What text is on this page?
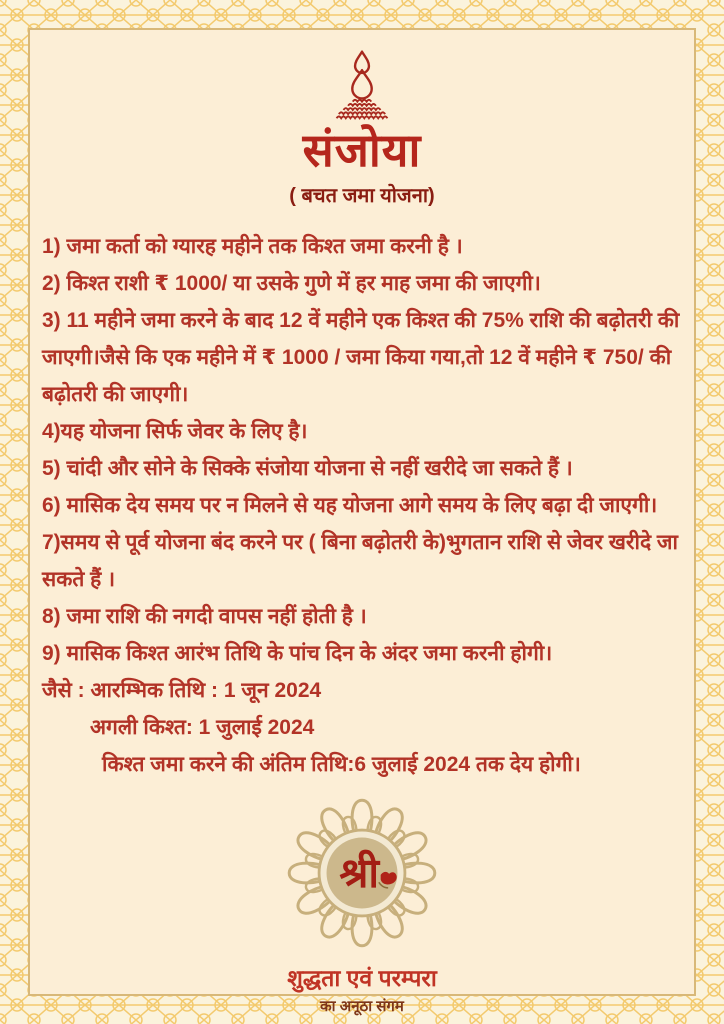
संजोया
( बचत जमा योजना)

1) जमा कर्ता को ग्यारह महीने तक किश्त जमा करनी है ।

2) किश्त राशी ₹ 1000/ या उसके गुणे में हर माह जमा की जाएगी।

3) 11 महीने जमा करने के बाद 12 वें महीने एक किश्त की 75% राशि की बढ़ोतरी की जाएगी।जैसे कि एक महीने में ₹ 1000 / जमा किया गया,तो 12 वें महीने ₹ 750/ की बढ़ोतरी की जाएगी।

4)यह योजना सिर्फ जेवर के लिए है।

5) चांदी और सोने के सिक्के संजोया योजना से नहीं खरीदे जा सकते हैं ।

6) मासिक देय समय पर न मिलने से यह योजना आगे समय के लिए बढ़ा दी जाएगी।

7)समय से पूर्व योजना बंद करने पर ( बिना बढ़ोतरी के)भुगतान राशि से जेवर खरीदे जा सकते हैं ।

8) जमा राशि की नगदी वापस नहीं होती है ।

9) मासिक किश्त आरंभ तिथि के पांच दिन के अंदर जमा करनी होगी।

जैसे : आरम्भिक तिथि : 1 जून 2024

अगली किश्त: 1 जुलाई 2024

किश्त जमा करने की अंतिम तिथि:6 जुलाई 2024 तक देय होगी।

श्री
शुद्धता एवं परम्परा
का अनूठा संगम
